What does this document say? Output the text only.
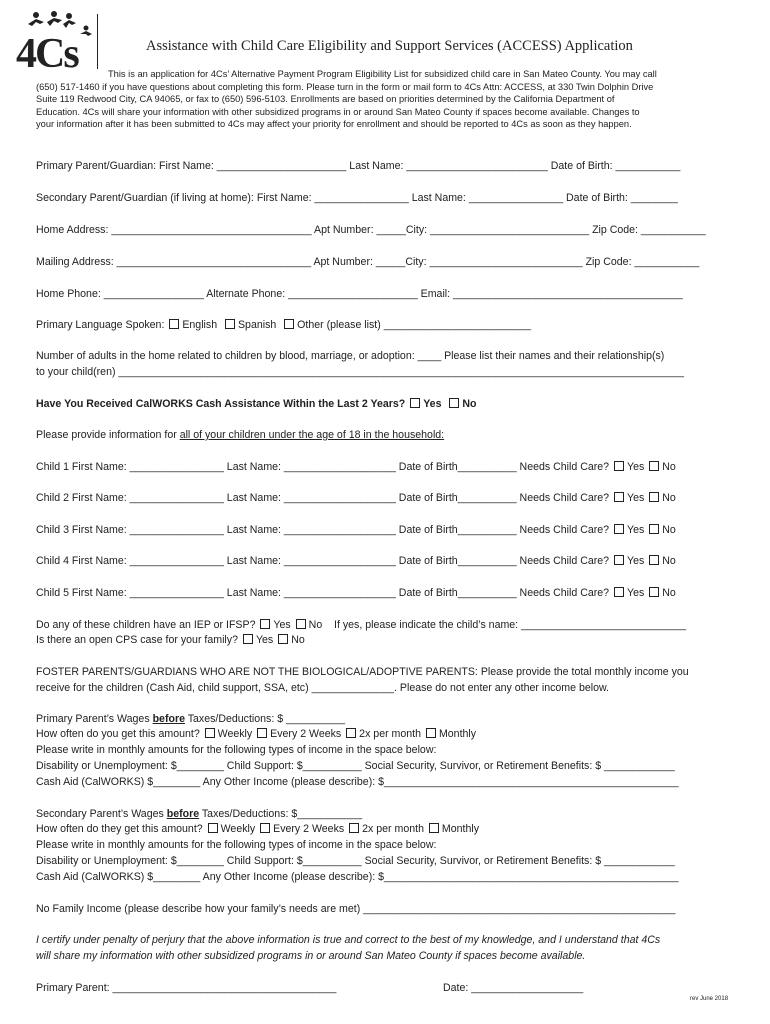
4Cs	Assistance with Child Care Eligibility and Support Services (ACCESS) Application
This is an application for 4Cs’ Alternative Payment Program Eligibility List for subsidized child care in San Mateo County. You may call
(650) 517-1460 if you have questions about completing this form. Please turn in the form or mail form to 4Cs Attn: ACCESS, at 330 Twin Dolphin Drive
Suite 119 Redwood City, CA 94065, or fax to (650) 596-5103. Enrollments are based on priorities determined by the California Department of
Education. 4Cs will share your information with other subsidized programs in or around San Mateo County if spaces become available. Changes to
your information after it has been submitted to 4Cs may affect your priority for enrollment and should be reported to 4Cs as soon as they happen.
Primary Parent/Guardian: First Name: ______________________ Last Name: ________________________ Date of Birth: ___________
Secondary Parent/Guardian (if living at home): First Name: ________________ Last Name: ________________ Date of Birth: ________
Home Address: __________________________________ Apt Number: _____City: ___________________________ Zip Code: ___________
Mailing Address: _________________________________ Apt Number: _____City: __________________________ Zip Code: ___________
Home Phone: _________________ Alternate Phone: ______________________ Email: _______________________________________
Primary Language Spoken: English Spanish Other (please list) _________________________
Number of adults in the home related to children by blood, marriage, or adoption: ____ Please list their names and their relationship(s)
to your child(ren) ________________________________________________________________________________________________
Have You Received CalWORKS Cash Assistance Within the Last 2 Years? Yes No
Please provide information for all of your children under the age of 18 in the household:
Child 1 First Name: ________________ Last Name: ___________________ Date of Birth__________ Needs Child Care? Yes No
Child 2 First Name: ________________ Last Name: ___________________ Date of Birth__________ Needs Child Care? Yes No
Child 3 First Name: ________________ Last Name: ___________________ Date of Birth__________ Needs Child Care? Yes No
Child 4 First Name: ________________ Last Name: ___________________ Date of Birth__________ Needs Child Care? Yes No
Child 5 First Name: ________________ Last Name: ___________________ Date of Birth__________ Needs Child Care? Yes No
Do any of these children have an IEP or IFSP? Yes No If yes, please indicate the child’s name: ____________________________
Is there an open CPS case for your family? Yes No
FOSTER PARENTS/GUARDIANS WHO ARE NOT THE BIOLOGICAL/ADOPTIVE PARENTS: Please provide the total monthly income you
receive for the children (Cash Aid, child support, SSA, etc) ______________. Please do not enter any other income below.
Primary Parent’s Wages before Taxes/Deductions: $ __________
How often do you get this amount? Weekly Every 2 Weeks 2x per month Monthly
Please write in monthly amounts for the following types of income in the space below:
Disability or Unemployment: $________ Child Support: $__________ Social Security, Survivor, or Retirement Benefits: $ ____________
Cash Aid (CalWORKS) $________ Any Other Income (please describe): $__________________________________________________
Secondary Parent’s Wages before Taxes/Deductions: $___________
How often do they get this amount? Weekly Every 2 Weeks 2x per month Monthly
Please write in monthly amounts for the following types of income in the space below:
Disability or Unemployment: $________ Child Support: $__________ Social Security, Survivor, or Retirement Benefits: $ ____________
Cash Aid (CalWORKS) $________ Any Other Income (please describe): $__________________________________________________
No Family Income (please describe how your family’s needs are met) _____________________________________________________
I certify under penalty of perjury that the above information is true and correct to the best of my knowledge, and I understand that 4Cs
will share my information with other subsidized programs in or around San Mateo County if spaces become available.
Primary Parent: ______________________________________	Date: ___________________
rev June 2018
